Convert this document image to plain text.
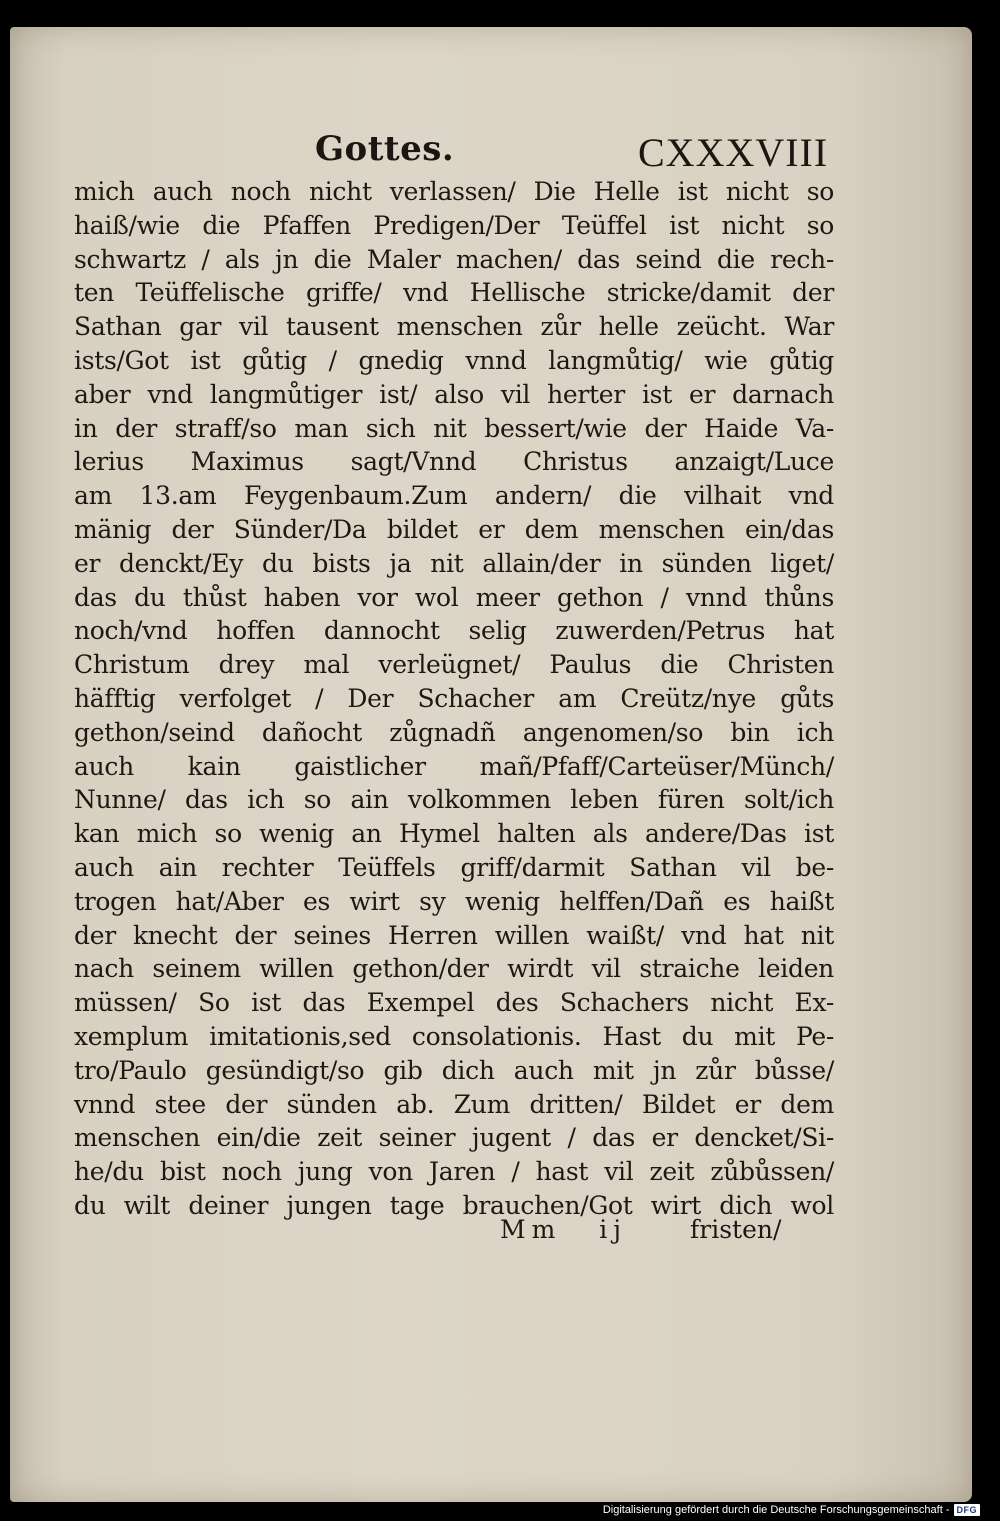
Gottes.	CXXXVIII
mich auch noch nicht verlassen/ Die Helle ist nicht so
haiß/wie die Pfaffen Predigen/Der Teüffel ist nicht so
schwartz / als jn die Maler machen/ das seind die rech-
ten Teüffelische griffe/ vnd Hellische stricke/damit der
Sathan gar vil tausent menschen zůr helle zeücht. War
ists/Got ist gůtig / gnedig vnnd langmůtig/ wie gůtig
aber vnd langmůtiger ist/ also vil herter ist er darnach
in der straff/so man sich nit bessert/wie der Haide Va-
lerius Maximus sagt/Vnnd Christus anzaigt/Luce
am 13.am Feygenbaum.Zum andern/ die vilhait vnd
mänig der Sünder/Da bildet er dem menschen ein/das
er denckt/Ey du bists ja nit allain/der in sünden liget/
das du thůst haben vor wol meer gethon / vnnd thůns
noch/vnd hoffen dannocht selig zuwerden/Petrus hat
Christum drey mal verleügnet/ Paulus die Christen
häfftig verfolget / Der Schacher am Creütz/nye gůts
gethon/seind dañocht zůgnadñ angenomen/so bin ich
auch kain gaistlicher mañ/Pfaff/Carteüser/Münch/
Nunne/ das ich so ain volkommen leben füren solt/ich
kan mich so wenig an Hymel halten als andere/Das ist
auch ain rechter Teüffels griff/darmit Sathan vil be-
trogen hat/Aber es wirt sy wenig helffen/Dañ es haißt
der knecht der seines Herren willen waißt/ vnd hat nit
nach seinem willen gethon/der wirdt vil straiche leiden
müssen/ So ist das Exempel des Schachers nicht Ex-
xemplum imitationis,sed consolationis. Hast du mit Pe-
tro/Paulo gesündigt/so gib dich auch mit jn zůr bůsse/
vnnd stee der sünden ab. Zum dritten/ Bildet er dem
menschen ein/die zeit seiner jugent / das er dencket/Si-
he/du bist noch jung von Jaren / hast vil zeit zůbůssen/
du wilt deiner jungen tage brauchen/Got wirt dich wol
Mm ij	fristen/
Digitalisierung gefördert durch die Deutsche Forschungsgemeinschaft - DFG
